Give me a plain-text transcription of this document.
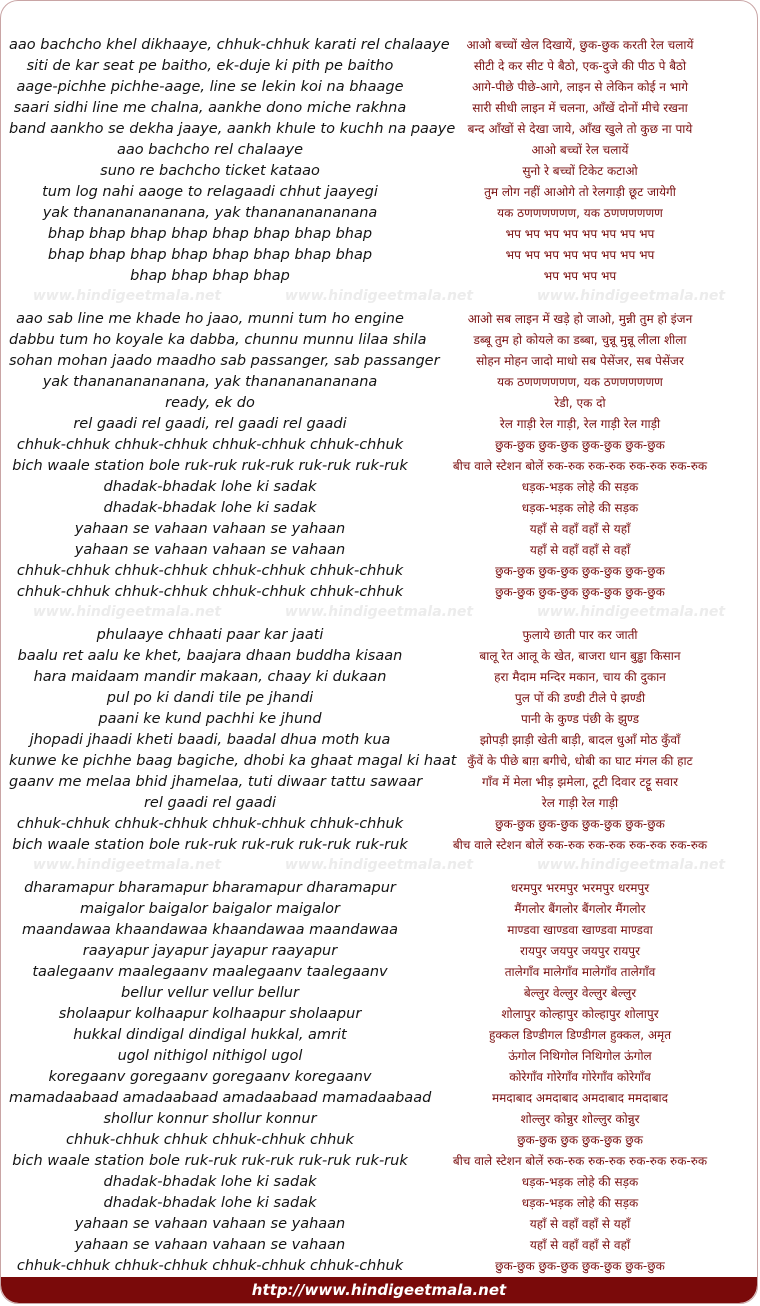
aao bachcho khel dikhaaye, chhuk-chhuk karati rel chalaaye	आओ बच्चों खेल दिखायें, छुक-छुक करती रेल चलायें
siti de kar seat pe baitho, ek-duje ki pith pe baitho	सीटी दे कर सीट पे बैठो, एक-दुजे की पीठ पे बैठो
aage-pichhe pichhe-aage, line se lekin koi na bhaage	आगे-पीछे पीछे-आगे, लाइन से लेकिन कोई न भागे
saari sidhi line me chalna, aankhe dono miche rakhna	सारी सीधी लाइन में चलना, आँखें दोनों मीचे रखना
band aankho se dekha jaaye, aankh khule to kuchh na paaye	बन्द आँखों से देखा जाये, आँख खुले तो कुछ ना पाये
aao bachcho rel chalaaye	आओ बच्चों रेल चलायें
suno re bachcho ticket kataao	सुनो रे बच्चों टिकेट कटाओ
tum log nahi aaoge to relagaadi chhut jaayegi	तुम लोग नहीं आओगे तो रेलगाड़ी छूट जायेगी
yak thanananananana, yak thanananananana	यक ठणणणणणण, यक ठणणणणणण
bhap bhap bhap bhap bhap bhap bhap bhap	भप भप भप भप भप भप भप भप
bhap bhap bhap bhap bhap bhap bhap bhap	भप भप भप भप भप भप भप भप
bhap bhap bhap bhap	भप भप भप भप
aao sab line me khade ho jaao, munni tum ho engine	आओ सब लाइन में खड़े हो जाओ, मुन्नी तुम हो इंजन
dabbu tum ho koyale ka dabba, chunnu munnu lilaa shila	डब्बू तुम हो कोयले का डब्बा, चुन्नू मुन्नू लीला शीला
sohan mohan jaado maadho sab passanger, sab passanger	सोहन मोहन जादो माधो सब पेसेंजर, सब पेसेंजर
yak thanananananana, yak thanananananana	यक ठणणणणणण, यक ठणणणणणण
ready, ek do	रेडी, एक दो
rel gaadi rel gaadi, rel gaadi rel gaadi	रेल गाड़ी रेल गाड़ी, रेल गाड़ी रेल गाड़ी
chhuk-chhuk chhuk-chhuk chhuk-chhuk chhuk-chhuk	छुक-छुक छुक-छुक छुक-छुक छुक-छुक
bich waale station bole ruk-ruk ruk-ruk ruk-ruk ruk-ruk	बीच वाले स्टेशन बोलें रुक-रुक रुक-रुक रुक-रुक रुक-रुक
dhadak-bhadak lohe ki sadak	धड़क-भड़क लोहे की सड़क
dhadak-bhadak lohe ki sadak	धड़क-भड़क लोहे की सड़क
yahaan se vahaan vahaan se yahaan	यहाँ से वहाँ वहाँ से यहाँ
yahaan se vahaan vahaan se vahaan	यहाँ से वहाँ वहाँ से वहाँ
chhuk-chhuk chhuk-chhuk chhuk-chhuk chhuk-chhuk	छुक-छुक छुक-छुक छुक-छुक छुक-छुक
chhuk-chhuk chhuk-chhuk chhuk-chhuk chhuk-chhuk	छुक-छुक छुक-छुक छुक-छुक छुक-छुक
phulaaye chhaati paar kar jaati	फुलाये छाती पार कर जाती
baalu ret aalu ke khet, baajara dhaan buddha kisaan	बालू रेत आलू के खेत, बाजरा धान बुड्ढा किसान
hara maidaam mandir makaan, chaay ki dukaan	हरा मैदाम मन्दिर मकान, चाय की दुकान
pul po ki dandi tile pe jhandi	पुल पों की डण्डी टीले पे झण्डी
paani ke kund pachhi ke jhund	पानी के कुण्ड पंछी के झुण्ड
jhopadi jhaadi kheti baadi, baadal dhua moth kua	झोपड़ी झाड़ी खेती बाड़ी, बादल धुआँ मोठ कुँवाँ
kunwe ke pichhe baag bagiche, dhobi ka ghaat magal ki haat कुँवें के पीछे बाग़ बगीचे, धोबी का घाट मंगल की हाट
gaanv me melaa bhid jhamelaa, tuti diwaar tattu sawaar	गाँव में मेला भीड़ झमेला, टूटी दिवार टट्टू सवार
rel gaadi rel gaadi	रेल गाड़ी रेल गाड़ी
chhuk-chhuk chhuk-chhuk chhuk-chhuk chhuk-chhuk	छुक-छुक छुक-छुक छुक-छुक छुक-छुक
bich waale station bole ruk-ruk ruk-ruk ruk-ruk ruk-ruk	बीच वाले स्टेशन बोलें रुक-रुक रुक-रुक रुक-रुक रुक-रुक
dharamapur bharamapur bharamapur dharamapur	धरमपुर भरमपुर भरमपुर धरमपुर
maigalor baigalor baigalor maigalor	मैंगलोर बैंगलोर बैंगलोर मैंगलोर
maandawaa khaandawaa khaandawaa maandawaa	माण्डवा खाण्डवा खाण्डवा माण्डवा
raayapur jayapur jayapur raayapur	रायपुर जयपुर जयपुर रायपुर
taalegaanv maalegaanv maalegaanv taalegaanv	तालेगाँव मालेगाँव मालेगाँव तालेगाँव
bellur vellur vellur bellur	बेल्लुर वेल्लुर वेल्लुर बेल्लुर
sholaapur kolhaapur kolhaapur sholaapur	शोलापुर कोल्हापुर कोल्हापुर शोलापुर
hukkal dindigal dindigal hukkal, amrit	हुक्कल डिण्डीगल डिण्डीगल हुक्कल, अमृत
ugol nithigol nithigol ugol	ऊंगोल निथिगोल निथिगोल ऊंगोल
koregaanv goregaanv goregaanv koregaanv	कोरेगाँव गोरेगाँव गोरेगाँव कोरेगाँव
mamadaabaad amadaabaad amadaabaad mamadaabaad	ममदाबाद अमदाबाद अमदाबाद ममदाबाद
shollur konnur shollur konnur	शोल्लुर कोन्नुर शोल्लुर कोन्नुर
chhuk-chhuk chhuk chhuk-chhuk chhuk	छुक-छुक छुक छुक-छुक छुक
bich waale station bole ruk-ruk ruk-ruk ruk-ruk ruk-ruk	बीच वाले स्टेशन बोलें रुक-रुक रुक-रुक रुक-रुक रुक-रुक
dhadak-bhadak lohe ki sadak	धड़क-भड़क लोहे की सड़क
dhadak-bhadak lohe ki sadak	धड़क-भड़क लोहे की सड़क
yahaan se vahaan vahaan se yahaan	यहाँ से वहाँ वहाँ से यहाँ
yahaan se vahaan vahaan se vahaan	यहाँ से वहाँ वहाँ से वहाँ
chhuk-chhuk chhuk-chhuk chhuk-chhuk chhuk-chhuk	छुक-छुक छुक-छुक छुक-छुक छुक-छुक
www.hindigeetmala.net	www.hindigeetmala.net	www.hindigeetmala.net
www.hindigeetmala.net	www.hindigeetmala.net	www.hindigeetmala.net
www.hindigeetmala.net	www.hindigeetmala.net	www.hindigeetmala.net
http://www.hindigeetmala.net
